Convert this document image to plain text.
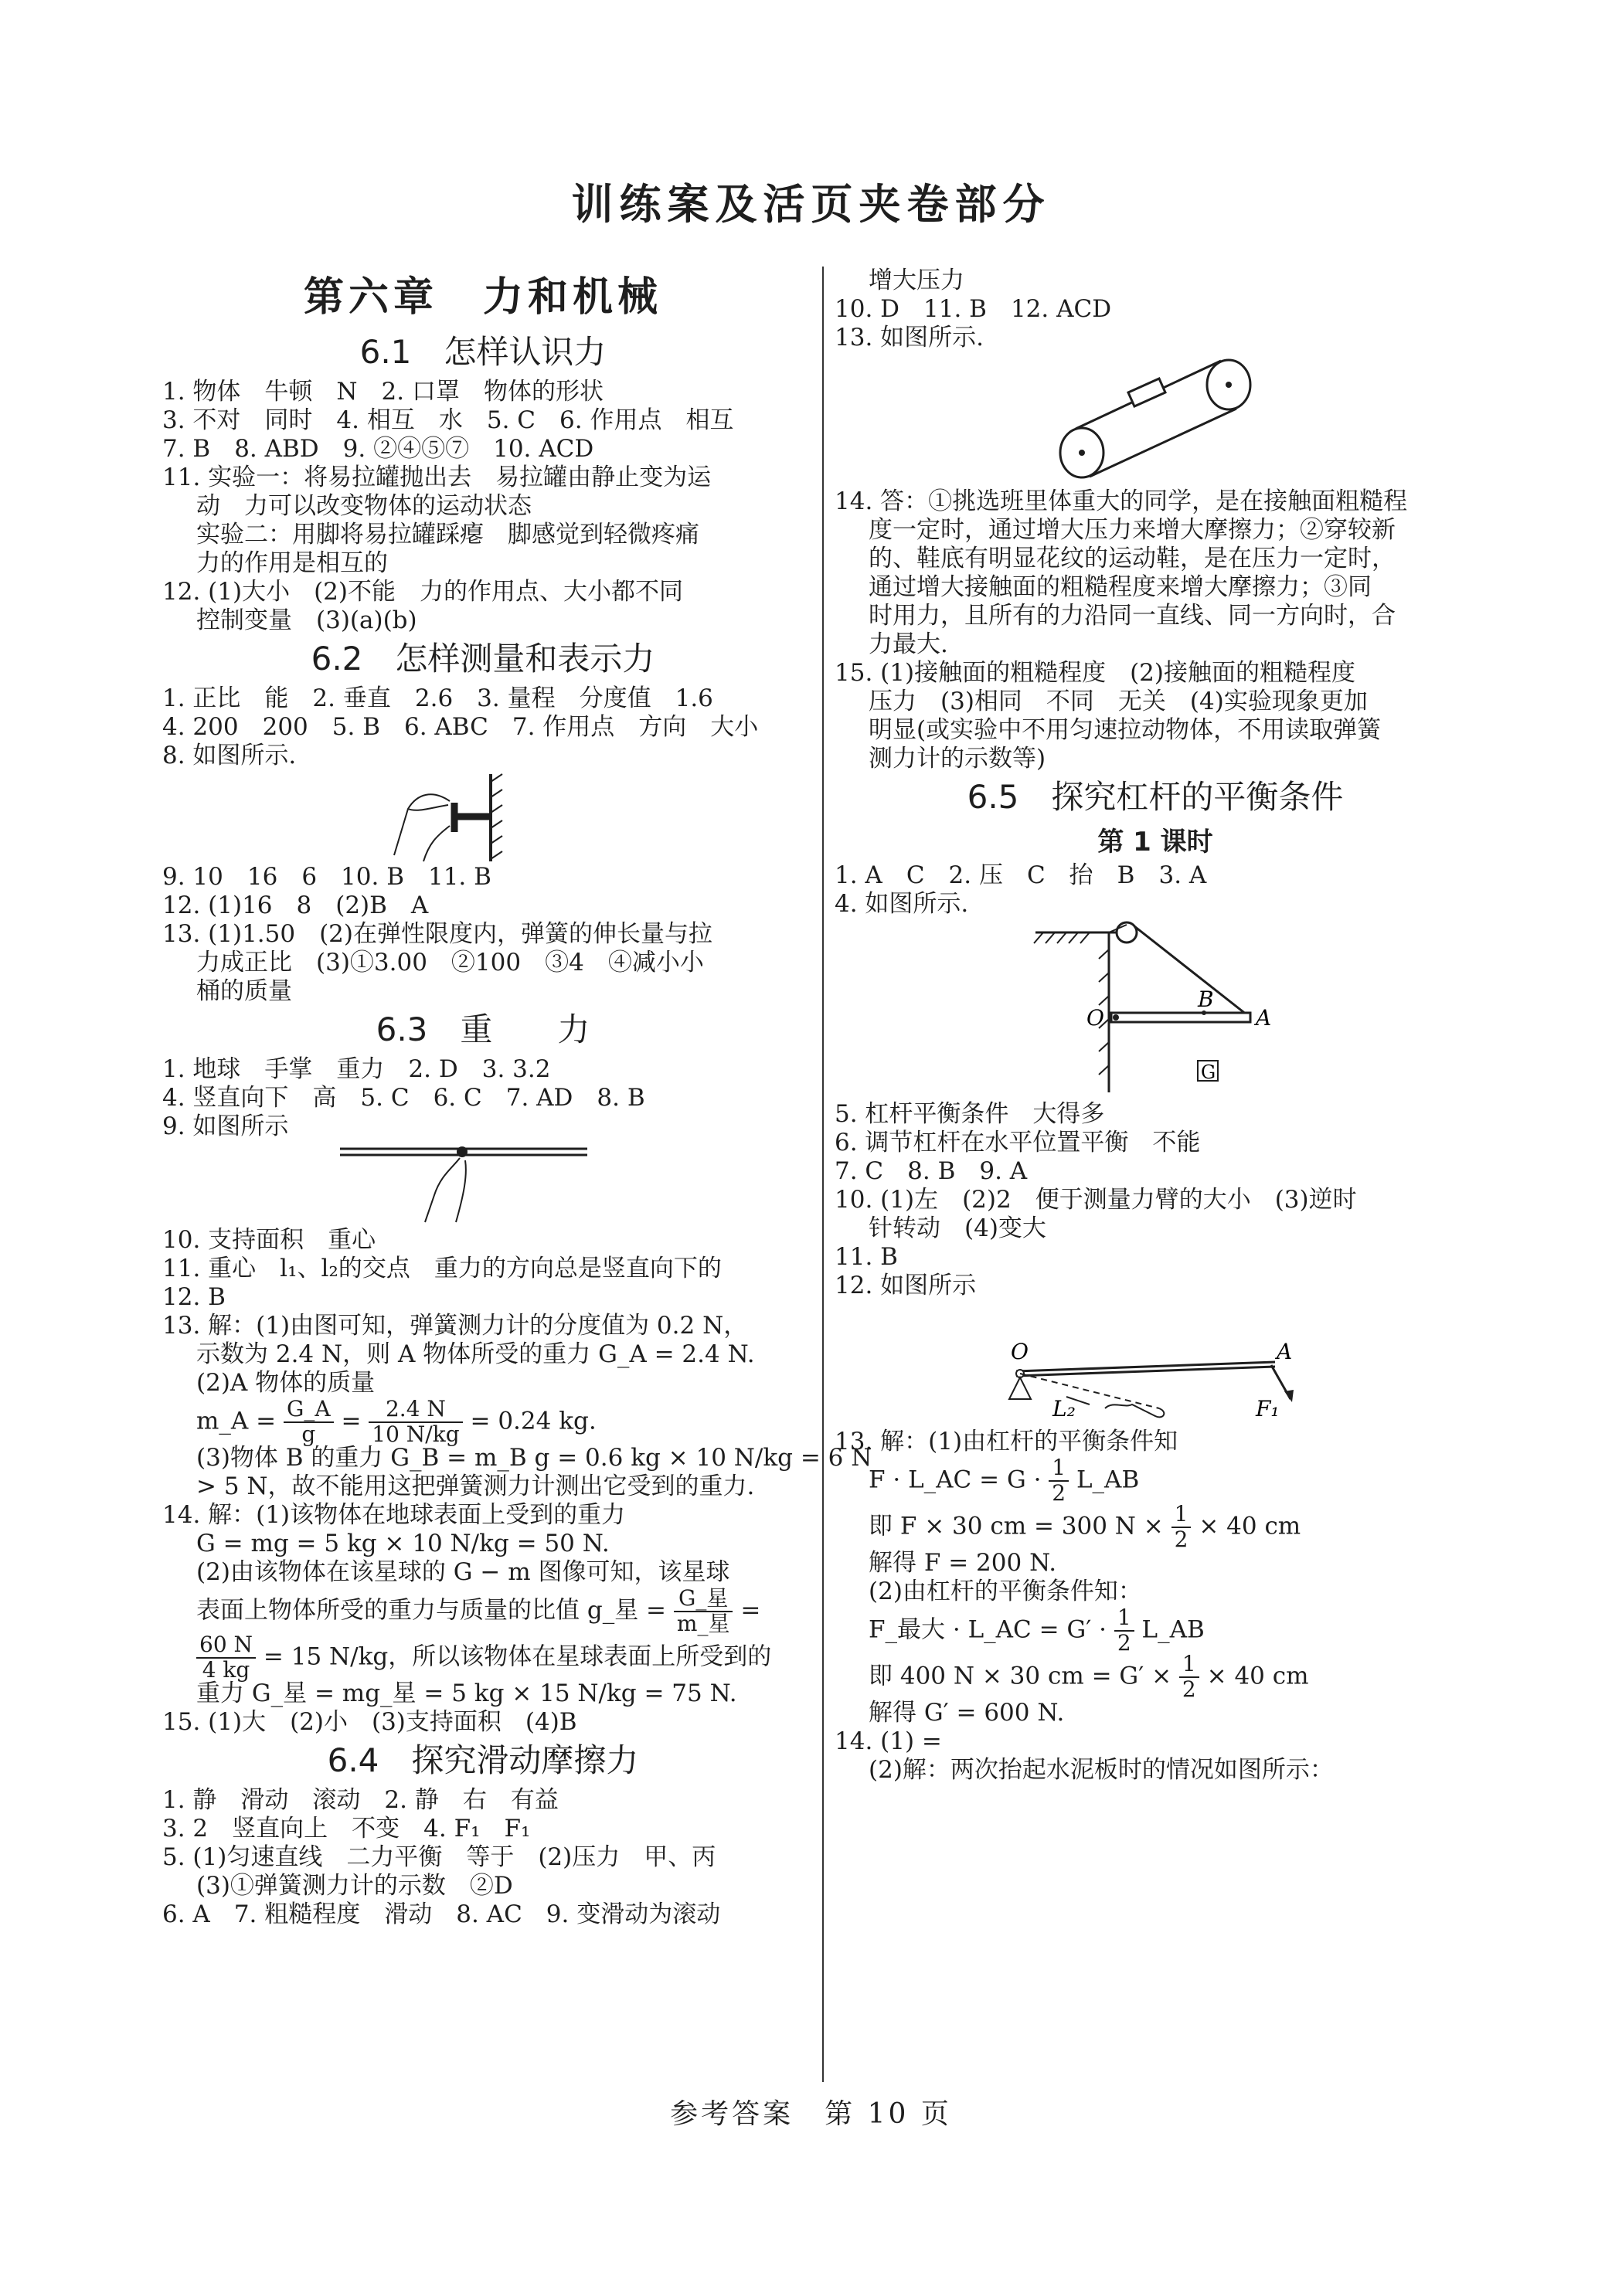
训练案及活页夹卷部分
第六章　力和机械
6.1　怎样认识力
1. 物体　牛顿　N　2. 口罩　物体的形状
3. 不对　同时　4. 相互　水　5. C　6. 作用点　相互
7. B　8. ABD　9. ②④⑤⑦　10. ACD
11. 实验一：将易拉罐抛出去　易拉罐由静止变为运
动　力可以改变物体的运动状态
实验二：用脚将易拉罐踩瘪　脚感觉到轻微疼痛
力的作用是相互的
12. (1)大小　(2)不能　力的作用点、大小都不同
控制变量　(3)(a)(b)
6.2　怎样测量和表示力
1. 正比　能　2. 垂直　2.6　3. 量程　分度值　1.6
4. 200　200　5. B　6. ABC　7. 作用点　方向　大小
8. 如图所示.
9. 10　16　6　10. B　11. B
12. (1)16　8　(2)B　A
13. (1)1.50　(2)在弹性限度内，弹簧的伸长量与拉
力成正比　(3)①3.00　②100　③4　④减小小
桶的质量
6.3　重　　力
1. 地球　手掌　重力　2. D　3. 3.2
4. 竖直向下　高　5. C　6. C　7. AD　8. B
9. 如图所示
10. 支持面积　重心
11. 重心　l₁、l₂的交点　重力的方向总是竖直向下的
12. B
13. 解：(1)由图可知，弹簧测力计的分度值为 0.2 N，
示数为 2.4 N，则 A 物体所受的重力 G_A = 2.4 N.
(2)A 物体的质量
m_A = $\frac{G\_A}{g} = \frac{2.4 N}{10 N/kg} = 0.24$ kg.
(3)物体 B 的重力 G_B = m_B g = 0.6 kg × 10 N/kg = 6 N
> 5 N，故不能用这把弹簧测力计测出它受到的重力.
14. 解：(1)该物体在地球表面上受到的重力
G = mg = 5 kg × 10 N/kg = 50 N.
(2)由该物体在该星球的 G − m 图像可知，该星球
表面上物体所受的重力与质量的比值 g_星 = $\frac{\text{G\_星}}{\text{m\_星}}$ =
$\frac{60 N}{4 kg} = 15$ N/kg，所以该物体在星球表面上所受到的
重力 G_星 = mg_星 = 5 kg × 15 N/kg = 75 N.
15. (1)大　(2)小　(3)支持面积　(4)B
6.4　探究滑动摩擦力
1. 静　滑动　滚动　2. 静　右　有益
3. 2　竖直向上　不变　4. F₁　F₁
5. (1)匀速直线　二力平衡　等于　(2)压力　甲、丙
(3)①弹簧测力计的示数　②D
6. A　7. 粗糙程度　滑动　8. AC　9. 变滑动为滚动
增大压力
10. D　11. B　12. ACD
13. 如图所示.
14. 答：①挑选班里体重大的同学，是在接触面粗糙程
度一定时，通过增大压力来增大摩擦力；②穿较新
的、鞋底有明显花纹的运动鞋，是在压力一定时，
通过增大接触面的粗糙程度来增大摩擦力；③同
时用力，且所有的力沿同一直线、同一方向时，合
力最大.
15. (1)接触面的粗糙程度　(2)接触面的粗糙程度
压力　(3)相同　不同　无关　(4)实验现象更加
明显(或实验中不用匀速拉动物体，不用读取弹簧
测力计的示数等)
6.5　探究杠杆的平衡条件
第 1 课时
1. A　C　2. 压　C　抬　B　3. A
4. 如图所示.
O
B
A
G
5. 杠杆平衡条件　大得多
6. 调节杠杆在水平位置平衡　不能
7. C　8. B　9. A
10. (1)左　(2)2　便于测量力臂的大小　(3)逆时
针转动　(4)变大
11. B
12. 如图所示
O	A
L₂	F₁
13. 解：(1)由杠杆的平衡条件知
F · L_AC = $G \cdot \frac{1}{2}$ L_AB
即 F × 30 cm = 300 $N \times \frac{1}{2} \times 40$ cm
解得 F = 200 N.
(2)由杠杆的平衡条件知：
F_最大 · L_AC = $G' \cdot \frac{1}{2}$ L_AB
即 400 N × 30 cm = $G' \times \frac{1}{2} \times 40$ cm
解得 G′ = 600 N.
14. (1) =
(2)解：两次抬起水泥板时的情况如图所示：
参考答案　第 10 页
